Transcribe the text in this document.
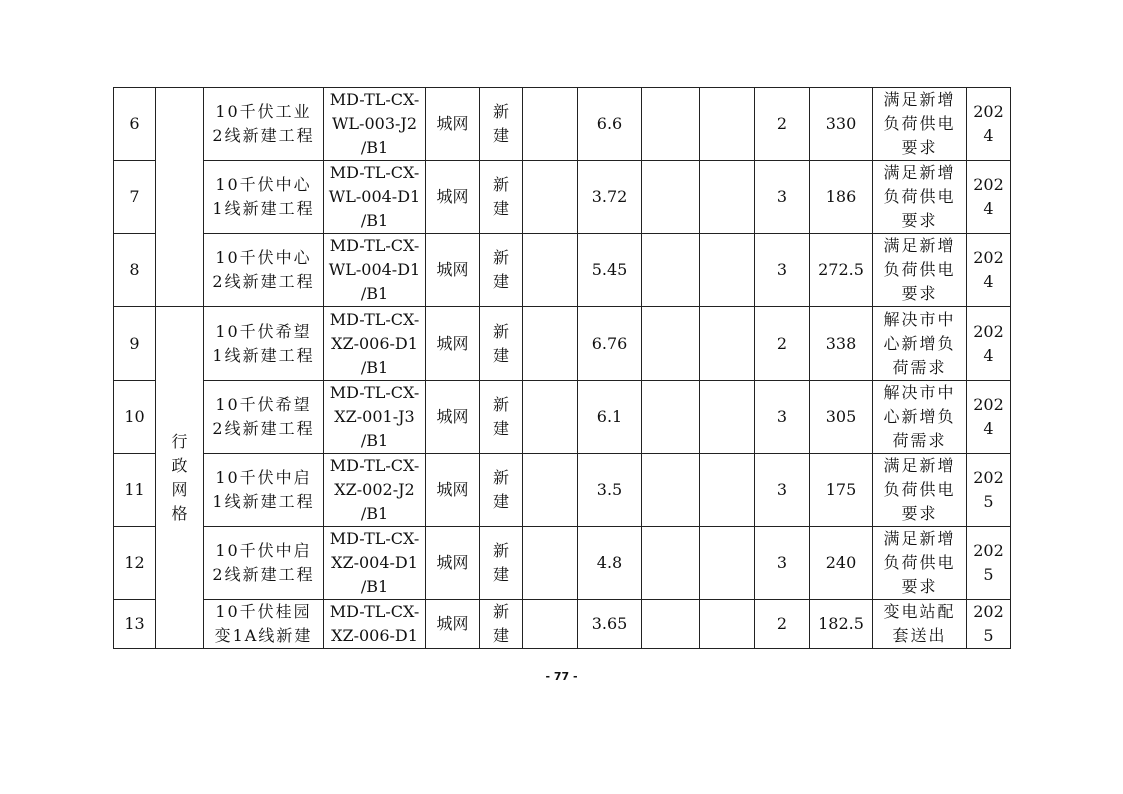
6		10千伏工业
2线新建工程	MD-TL-CX-
WL-003-J2
/B1	城网	新
建		6.6			2	330	满足新增
负荷供电
要求	202
4

7		10千伏中心
1线新建工程	MD-TL-CX-
WL-004-D1
/B1	城网	新
建		3.72			3	186	满足新增
负荷供电
要求	202
4

8		10千伏中心
2线新建工程	MD-TL-CX-
WL-004-D1
/B1	城网	新
建		5.45			3	272.5	满足新增
负荷供电
要求	202
4

9	行
政
网
格	10千伏希望
1线新建工程	MD-TL-CX-
XZ-006-D1
/B1	城网	新
建		6.76			2	338	解决市中
心新增负
荷需求	202
4

10		10千伏希望
2线新建工程	MD-TL-CX-
XZ-001-J3
/B1	城网	新
建		6.1			3	305	解决市中
心新增负
荷需求	202
4

11		10千伏中启
1线新建工程	MD-TL-CX-
XZ-002-J2
/B1	城网	新
建		3.5			3	175	满足新增
负荷供电
要求	202
5

12		10千伏中启
2线新建工程	MD-TL-CX-
XZ-004-D1
/B1	城网	新
建		4.8			3	240	满足新增
负荷供电
要求	202
5

13		10千伏桂园
变1A线新建	MD-TL-CX-
XZ-006-D1	城网	新
建		3.65			2	182.5	变电站配
套送出	202
5
- 77 -
